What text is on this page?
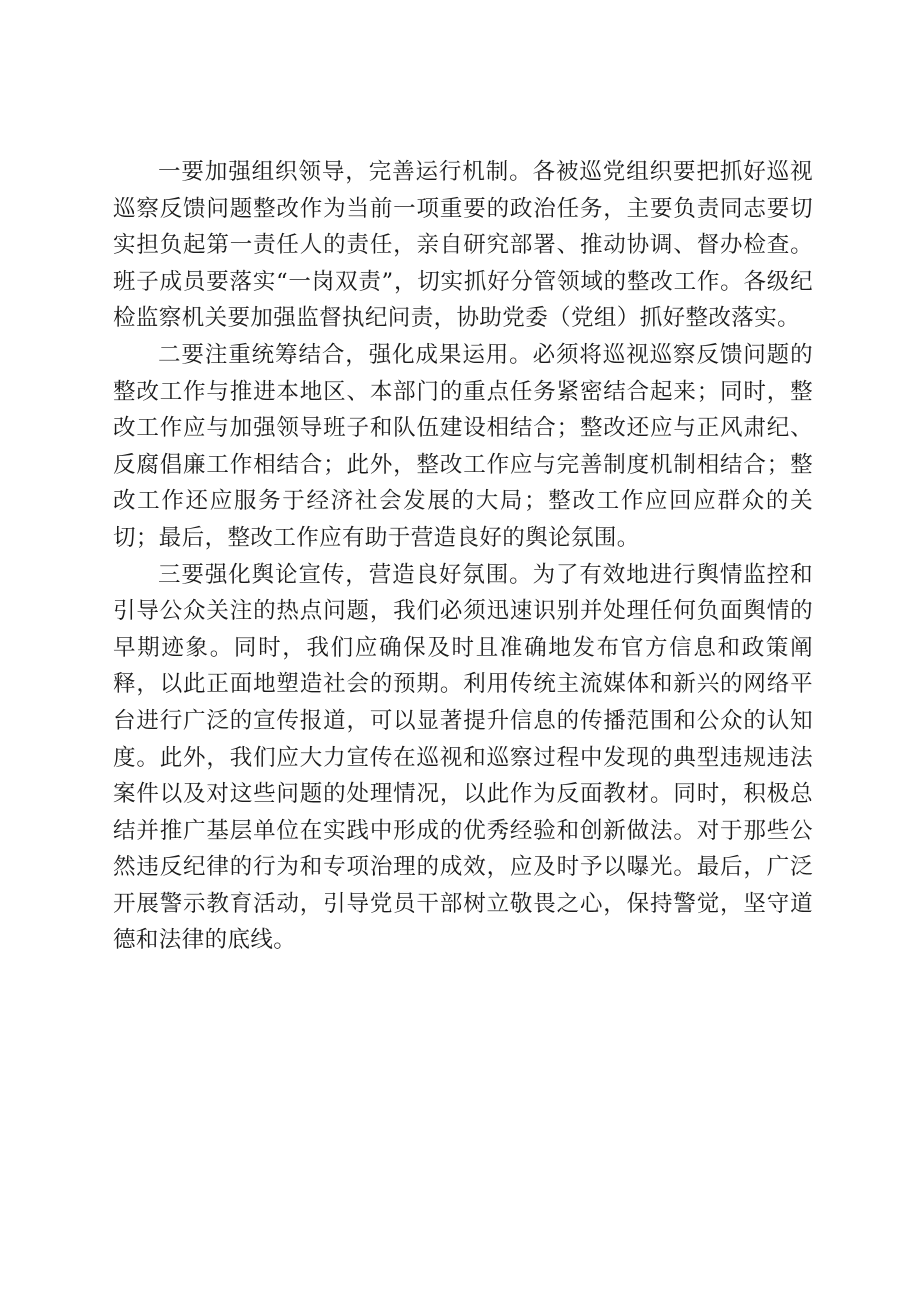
一要加强组织领导，完善运行机制。各被巡党组织要把抓好巡视巡察反馈问题整改作为当前一项重要的政治任务，主要负责同志要切实担负起第一责任人的责任，亲自研究部署、推动协调、督办检查。班子成员要落实“一岗双责”，切实抓好分管领域的整改工作。各级纪检监察机关要加强监督执纪问责，协助党委（党组）抓好整改落实。

二要注重统筹结合，强化成果运用。必须将巡视巡察反馈问题的整改工作与推进本地区、本部门的重点任务紧密结合起来；同时，整改工作应与加强领导班子和队伍建设相结合；整改还应与正风肃纪、反腐倡廉工作相结合；此外，整改工作应与完善制度机制相结合；整改工作还应服务于经济社会发展的大局；整改工作应回应群众的关切；最后，整改工作应有助于营造良好的舆论氛围。

三要强化舆论宣传，营造良好氛围。为了有效地进行舆情监控和引导公众关注的热点问题，我们必须迅速识别并处理任何负面舆情的早期迹象。同时，我们应确保及时且准确地发布官方信息和政策阐释，以此正面地塑造社会的预期。利用传统主流媒体和新兴的网络平台进行广泛的宣传报道，可以显著提升信息的传播范围和公众的认知度。此外，我们应大力宣传在巡视和巡察过程中发现的典型违规违法案件以及对这些问题的处理情况，以此作为反面教材。同时，积极总结并推广基层单位在实践中形成的优秀经验和创新做法。对于那些公然违反纪律的行为和专项治理的成效，应及时予以曝光。最后，广泛开展警示教育活动，引导党员干部树立敬畏之心，保持警觉，坚守道德和法律的底线。
